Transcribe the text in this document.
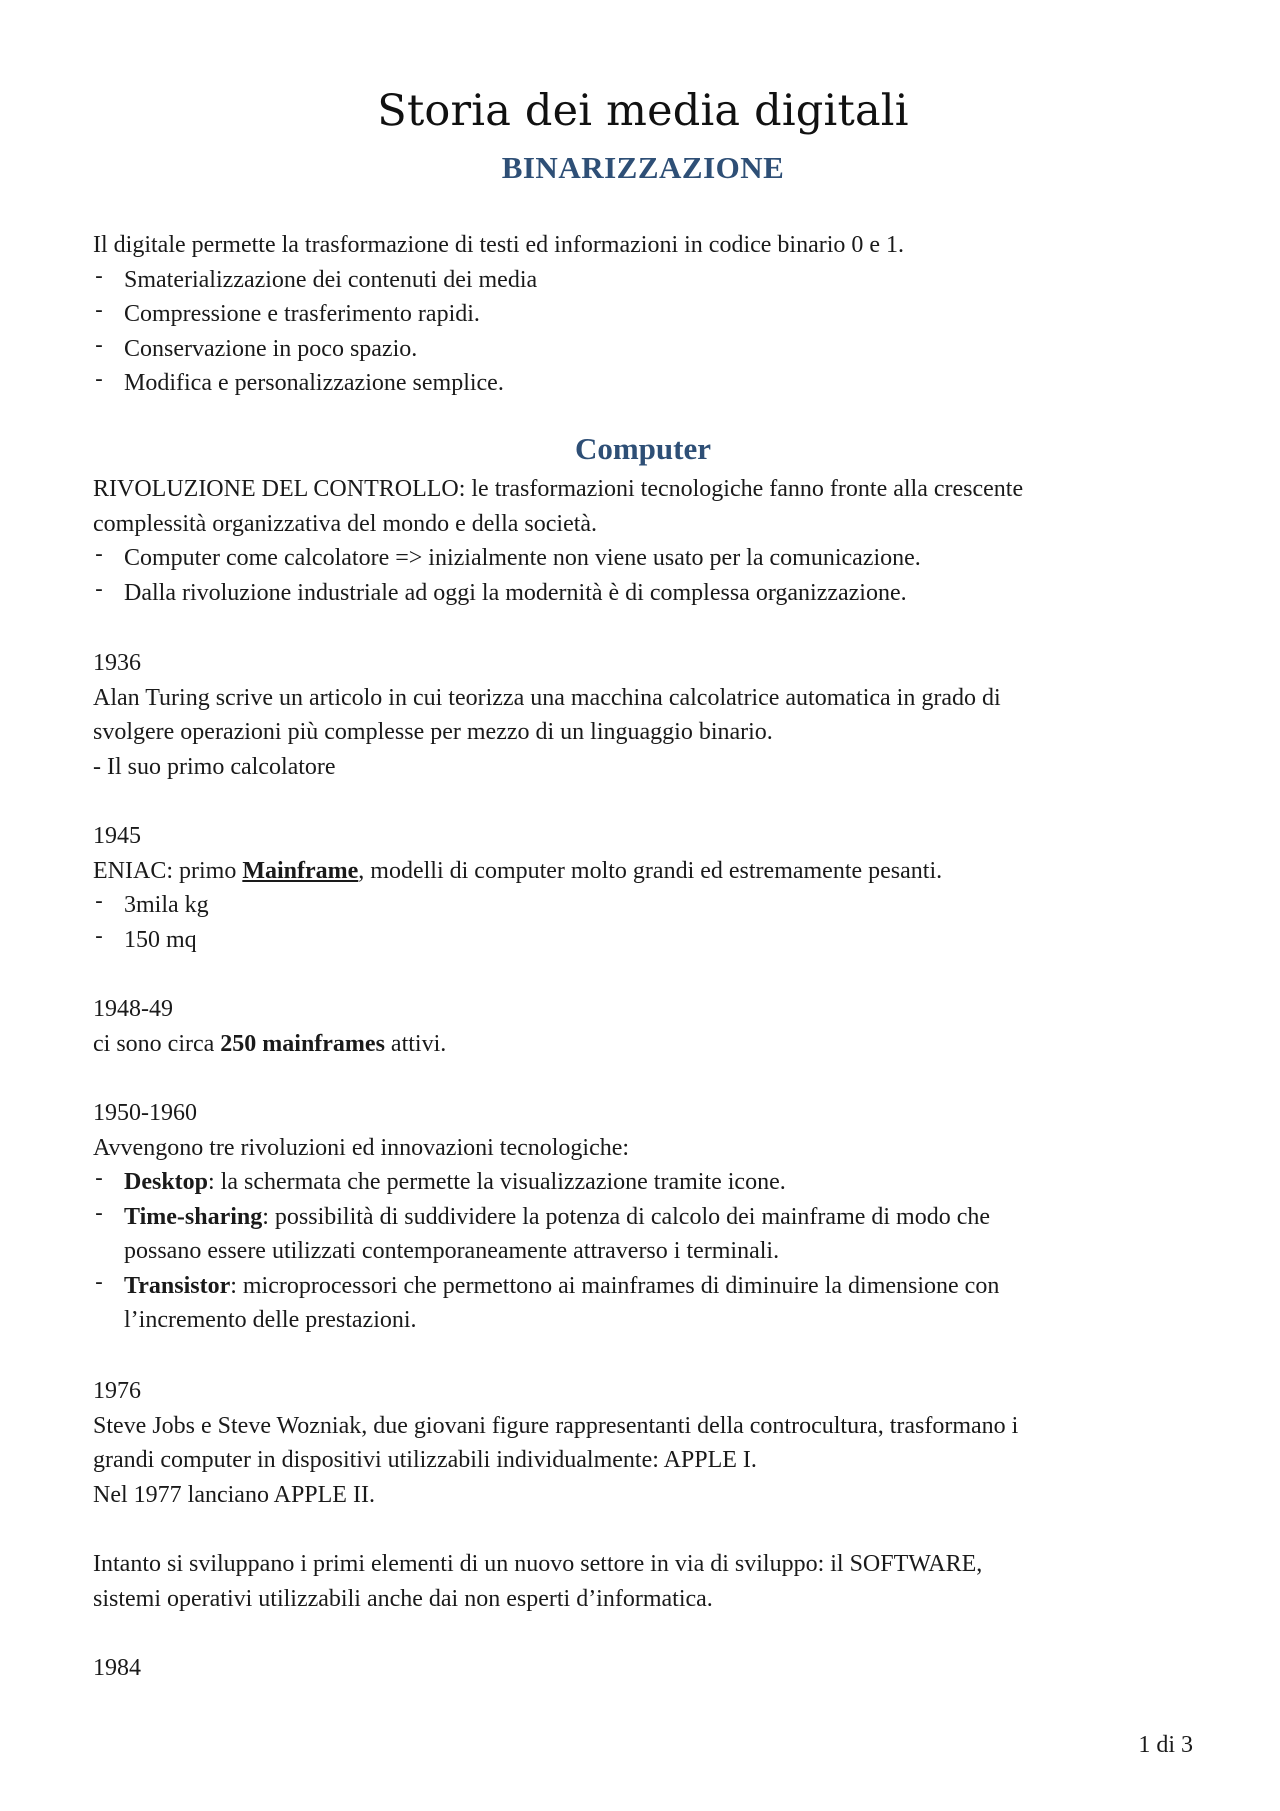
Storia dei media digitali
BINARIZZAZIONE
Il digitale permette la trasformazione di testi ed informazioni in codice binario 0 e 1.
- Smaterializzazione dei contenuti dei media
- Compressione e trasferimento rapidi.
- Conservazione in poco spazio.
- Modifica e personalizzazione semplice.
Computer
RIVOLUZIONE DEL CONTROLLO: le trasformazioni tecnologiche fanno fronte alla crescente
complessità organizzativa del mondo e della società.
- Computer come calcolatore => inizialmente non viene usato per la comunicazione.
- Dalla rivoluzione industriale ad oggi la modernità è di complessa organizzazione.
1936
Alan Turing scrive un articolo in cui teorizza una macchina calcolatrice automatica in grado di
svolgere operazioni più complesse per mezzo di un linguaggio binario.
- Il suo primo calcolatore
1945
ENIAC: primo Mainframe, modelli di computer molto grandi ed estremamente pesanti.
- 3mila kg
- 150 mq
1948-49
ci sono circa 250 mainframes attivi.
1950-1960
Avvengono tre rivoluzioni ed innovazioni tecnologiche:
- Desktop: la schermata che permette la visualizzazione tramite icone.
- Time-sharing: possibilità di suddividere la potenza di calcolo dei mainframe di modo che
possano essere utilizzati contemporaneamente attraverso i terminali.
- Transistor: microprocessori che permettono ai mainframes di diminuire la dimensione con
l’incremento delle prestazioni.
1976
Steve Jobs e Steve Wozniak, due giovani figure rappresentanti della controcultura, trasformano i
grandi computer in dispositivi utilizzabili individualmente: APPLE I.
Nel 1977 lanciano APPLE II.
Intanto si sviluppano i primi elementi di un nuovo settore in via di sviluppo: il SOFTWARE,
sistemi operativi utilizzabili anche dai non esperti d’informatica.
1984
1 di 3
